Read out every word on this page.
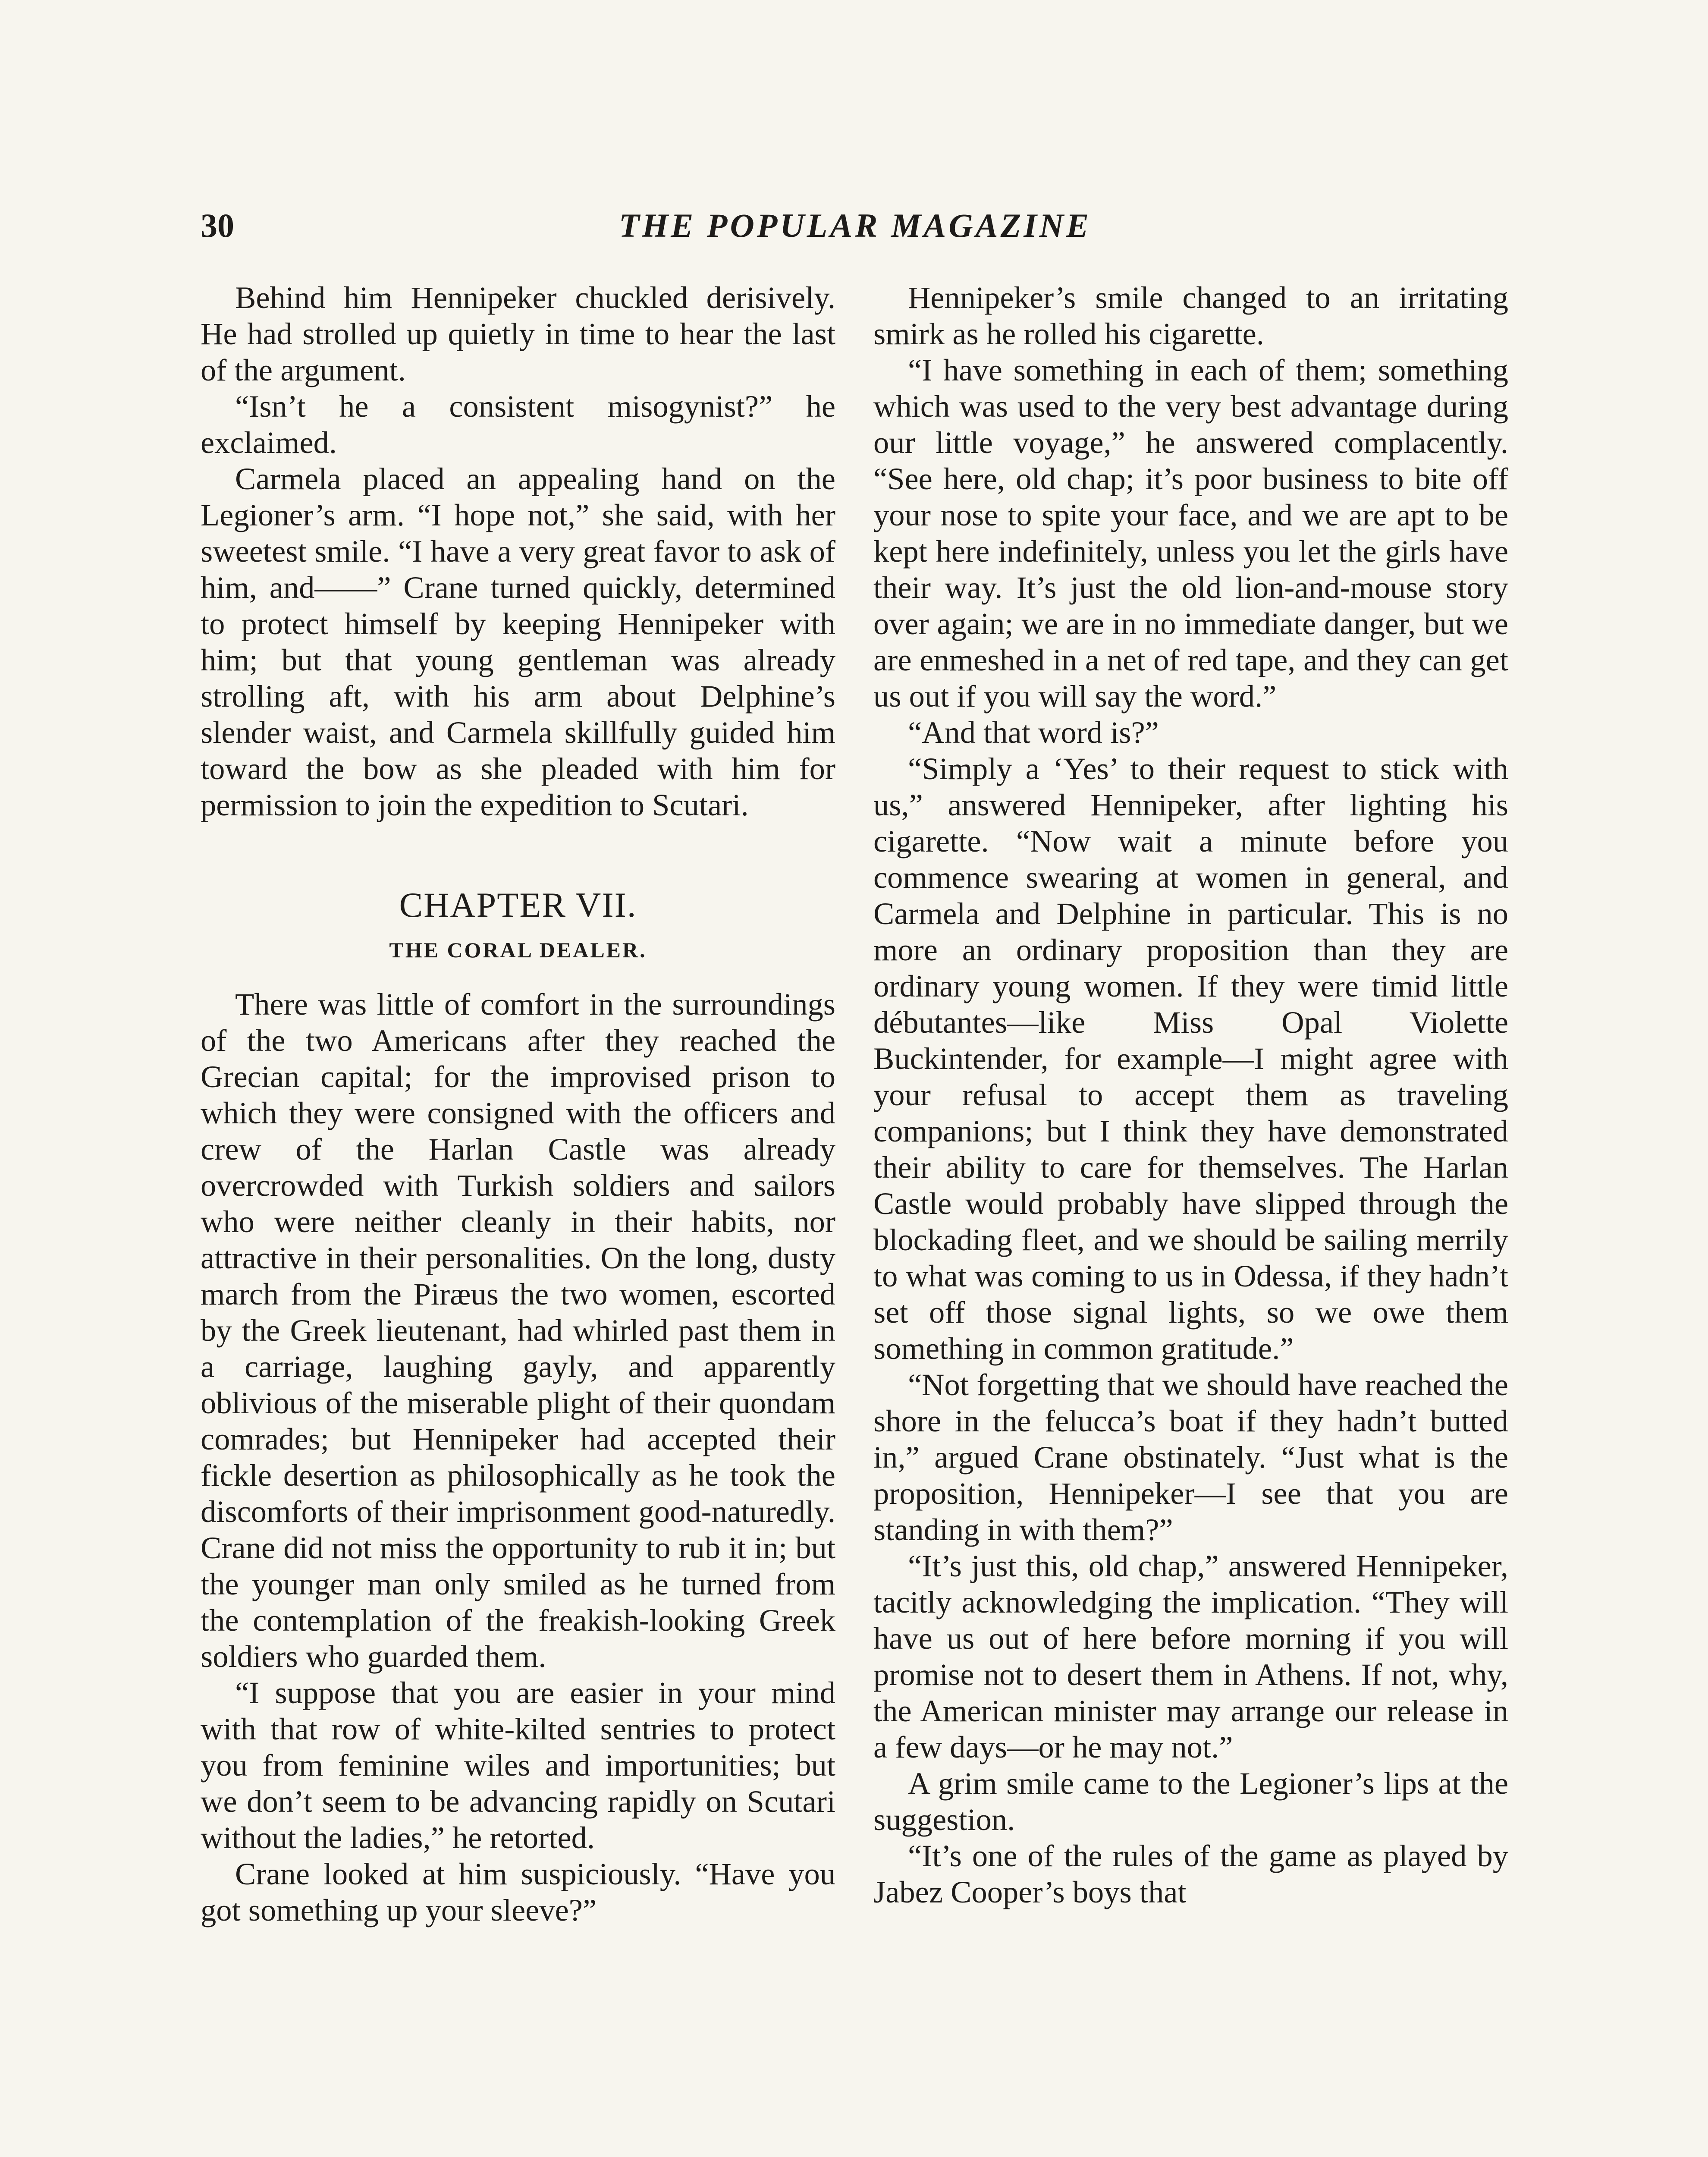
30	THE POPULAR MAGAZINE

Behind him Hennipeker chuckled derisively. He had strolled up quietly in time to hear the last of the argument.

“Isn’t he a consistent misogynist?” he exclaimed.

Carmela placed an appealing hand on the Legioner’s arm. “I hope not,” she said, with her sweetest smile. “I have a very great favor to ask of him, and——” Crane turned quickly, determined to protect himself by keeping Hennipeker with him; but that young gentleman was already strolling aft, with his arm about Delphine’s slender waist, and Carmela skillfully guided him toward the bow as she pleaded with him for permission to join the expedition to Scutari.

CHAPTER VII.
THE CORAL DEALER.

There was little of comfort in the surroundings of the two Americans after they reached the Grecian capital; for the improvised prison to which they were consigned with the officers and crew of the Harlan Castle was already overcrowded with Turkish soldiers and sailors who were neither cleanly in their habits, nor attractive in their personalities. On the long, dusty march from the Piræus the two women, escorted by the Greek lieutenant, had whirled past them in a carriage, laughing gayly, and apparently oblivious of the miserable plight of their quondam comrades; but Hennipeker had accepted their fickle desertion as philosophically as he took the discomforts of their imprisonment good-naturedly. Crane did not miss the opportunity to rub it in; but the younger man only smiled as he turned from the contemplation of the freakish-looking Greek soldiers who guarded them.

“I suppose that you are easier in your mind with that row of white-kilted sentries to protect you from feminine wiles and importunities; but we don’t seem to be advancing rapidly on Scutari without the ladies,” he retorted.

Crane looked at him suspiciously. “Have you got something up your sleeve?”

Hennipeker’s smile changed to an irritating smirk as he rolled his cigarette.

“I have something in each of them; something which was used to the very best advantage during our little voyage,” he answered complacently. “See here, old chap; it’s poor business to bite off your nose to spite your face, and we are apt to be kept here indefinitely, unless you let the girls have their way. It’s just the old lion-and-mouse story over again; we are in no immediate danger, but we are enmeshed in a net of red tape, and they can get us out if you will say the word.”

“And that word is?”

“Simply a ‘Yes’ to their request to stick with us,” answered Hennipeker, after lighting his cigarette. “Now wait a minute before you commence swearing at women in general, and Carmela and Delphine in particular. This is no more an ordinary proposition than they are ordinary young women. If they were timid little débutantes—like Miss Opal Violette Buckintender, for example—I might agree with your refusal to accept them as traveling companions; but I think they have demonstrated their ability to care for themselves. The Harlan Castle would probably have slipped through the blockading fleet, and we should be sailing merrily to what was coming to us in Odessa, if they hadn’t set off those signal lights, so we owe them something in common gratitude.”

“Not forgetting that we should have reached the shore in the felucca’s boat if they hadn’t butted in,” argued Crane obstinately. “Just what is the proposition, Hennipeker—I see that you are standing in with them?”

“It’s just this, old chap,” answered Hennipeker, tacitly acknowledging the implication. “They will have us out of here before morning if you will promise not to desert them in Athens. If not, why, the American minister may arrange our release in a few days—or he may not.”

A grim smile came to the Legioner’s lips at the suggestion.

“It’s one of the rules of the game as played by Jabez Cooper’s boys that
